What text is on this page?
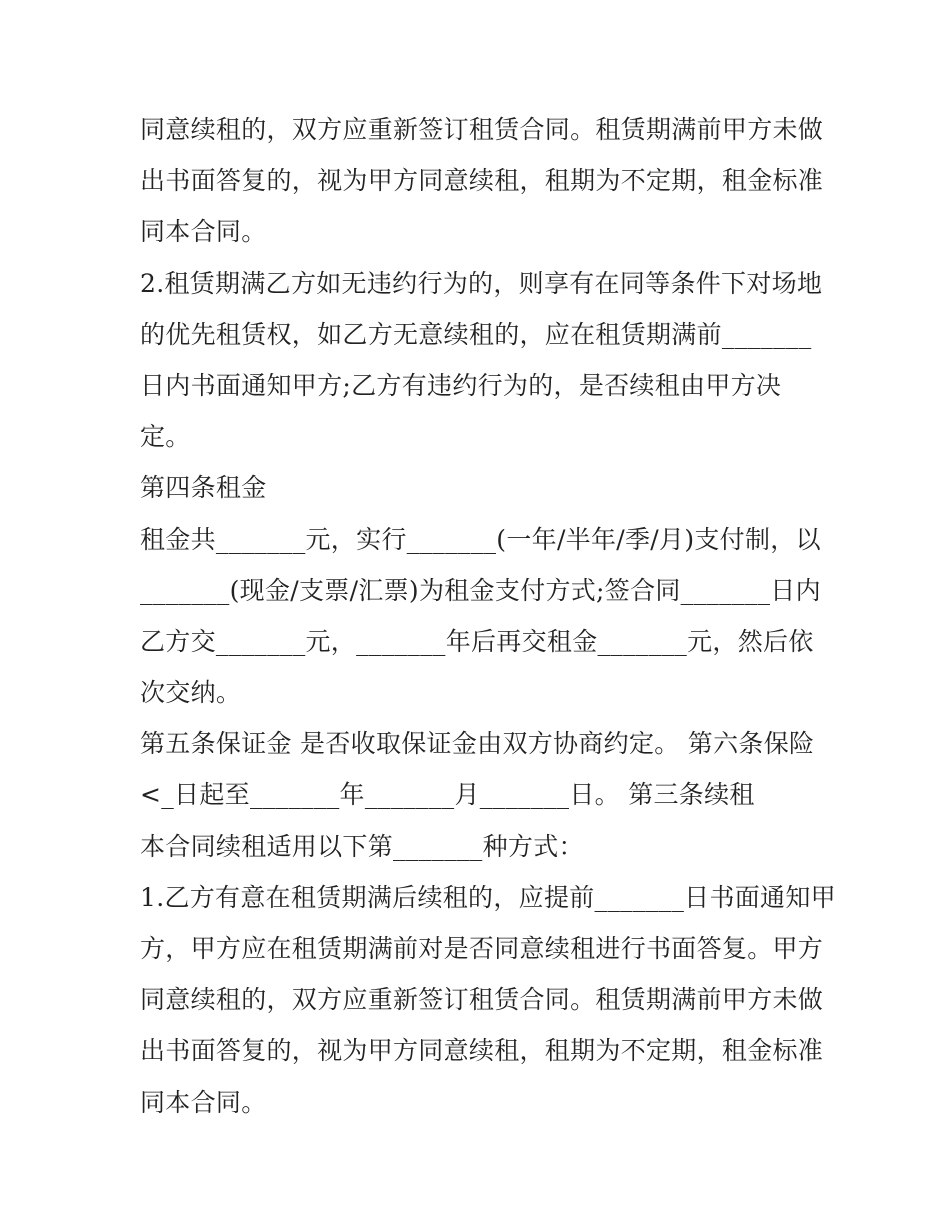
同意续租的，双方应重新签订租赁合同。租赁期满前甲方未做
出书面答复的，视为甲方同意续租，租期为不定期，租金标准
同本合同。
2.租赁期满乙方如无违约行为的，则享有在同等条件下对场地
的优先租赁权，如乙方无意续租的，应在租赁期满前_______
日内书面通知甲方;乙方有违约行为的，是否续租由甲方决
定。
第四条租金
租金共_______元，实行_______(一年/半年/季/月)支付制，以
_______(现金/支票/汇票)为租金支付方式;签合同_______日内
乙方交_______元，_______年后再交租金_______元，然后依
次交纳。
第五条保证金 是否收取保证金由双方协商约定。 第六条保险
<_日起至_______年_______月_______日。 第三条续租
本合同续租适用以下第_______种方式：
1.乙方有意在租赁期满后续租的，应提前_______日书面通知甲
方，甲方应在租赁期满前对是否同意续租进行书面答复。甲方
同意续租的，双方应重新签订租赁合同。租赁期满前甲方未做
出书面答复的，视为甲方同意续租，租期为不定期，租金标准
同本合同。
